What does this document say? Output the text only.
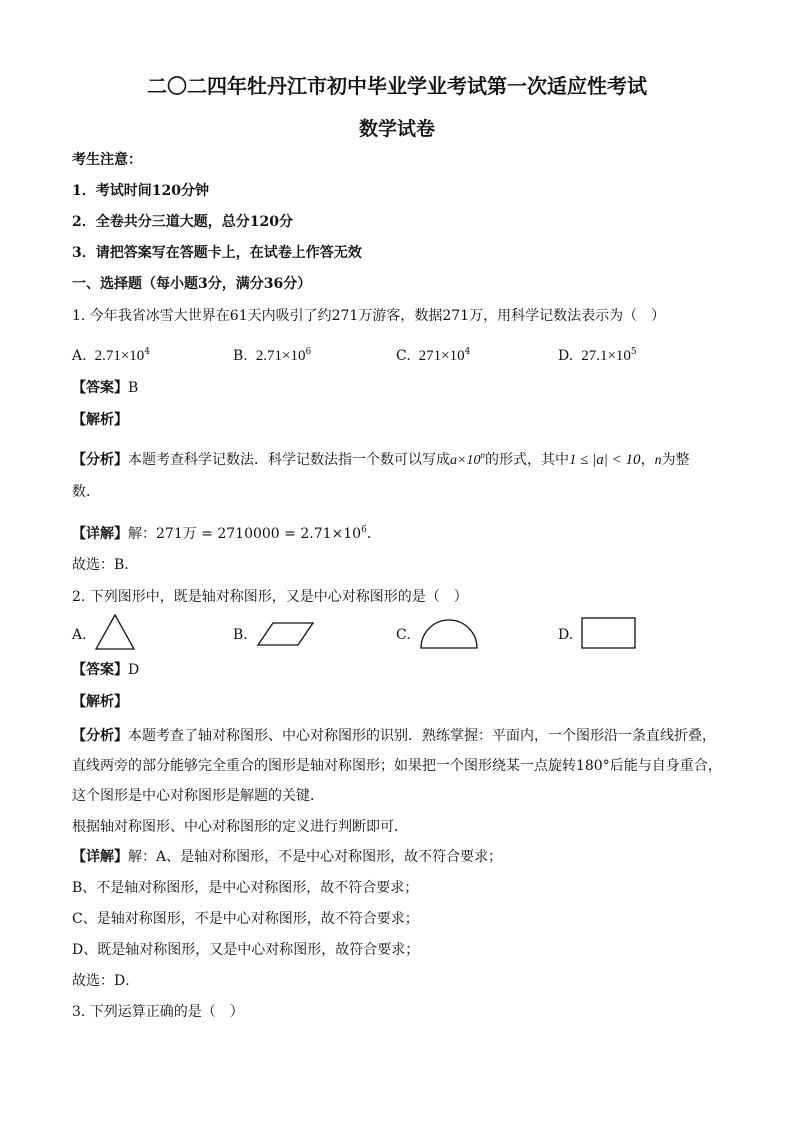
二〇二四年牡丹江市初中毕业学业考试第一次适应性考试
数学试卷
考生注意：
1．考试时间120分钟
2．全卷共分三道大题，总分120分
3．请把答案写在答题卡上，在试卷上作答无效
一、选择题（每小题3分，满分36分）
1. 今年我省冰雪大世界在61天内吸引了约271万游客，数据271万，用科学记数法表示为（　）
A. $2.71\times 10^4$	B. $2.71\times 10^6$	C. $271\times 10^4$	D. $27.1\times 10^5$
【答案】B
【解析】
【分析】本题考查科学记数法．科学记数法指一个数可以写成$a\times 10^n$的形式，其中1 ≤ |a| < 10，n为整
数．
【详解】解：271万 = $2710000 = 2.71\times 10^6$．
故选：B．
2. 下列图形中，既是轴对称图形，又是中心对称图形的是（　）
A.	B.	C.	D.
【答案】D
【解析】
【分析】本题考查了轴对称图形、中心对称图形的识别．熟练掌握：平面内，一个图形沿一条直线折叠，
直线两旁的部分能够完全重合的图形是轴对称图形；如果把一个图形绕某一点旋转180°后能与自身重合，
这个图形是中心对称图形是解题的关键．
根据轴对称图形、中心对称图形的定义进行判断即可．
【详解】解：A、是轴对称图形，不是中心对称图形，故不符合要求；
B、不是轴对称图形，是中心对称图形，故不符合要求；
C、是轴对称图形，不是中心对称图形，故不符合要求；
D、既是轴对称图形，又是中心对称图形，故符合要求；
故选：D．
3. 下列运算正确的是（　）
